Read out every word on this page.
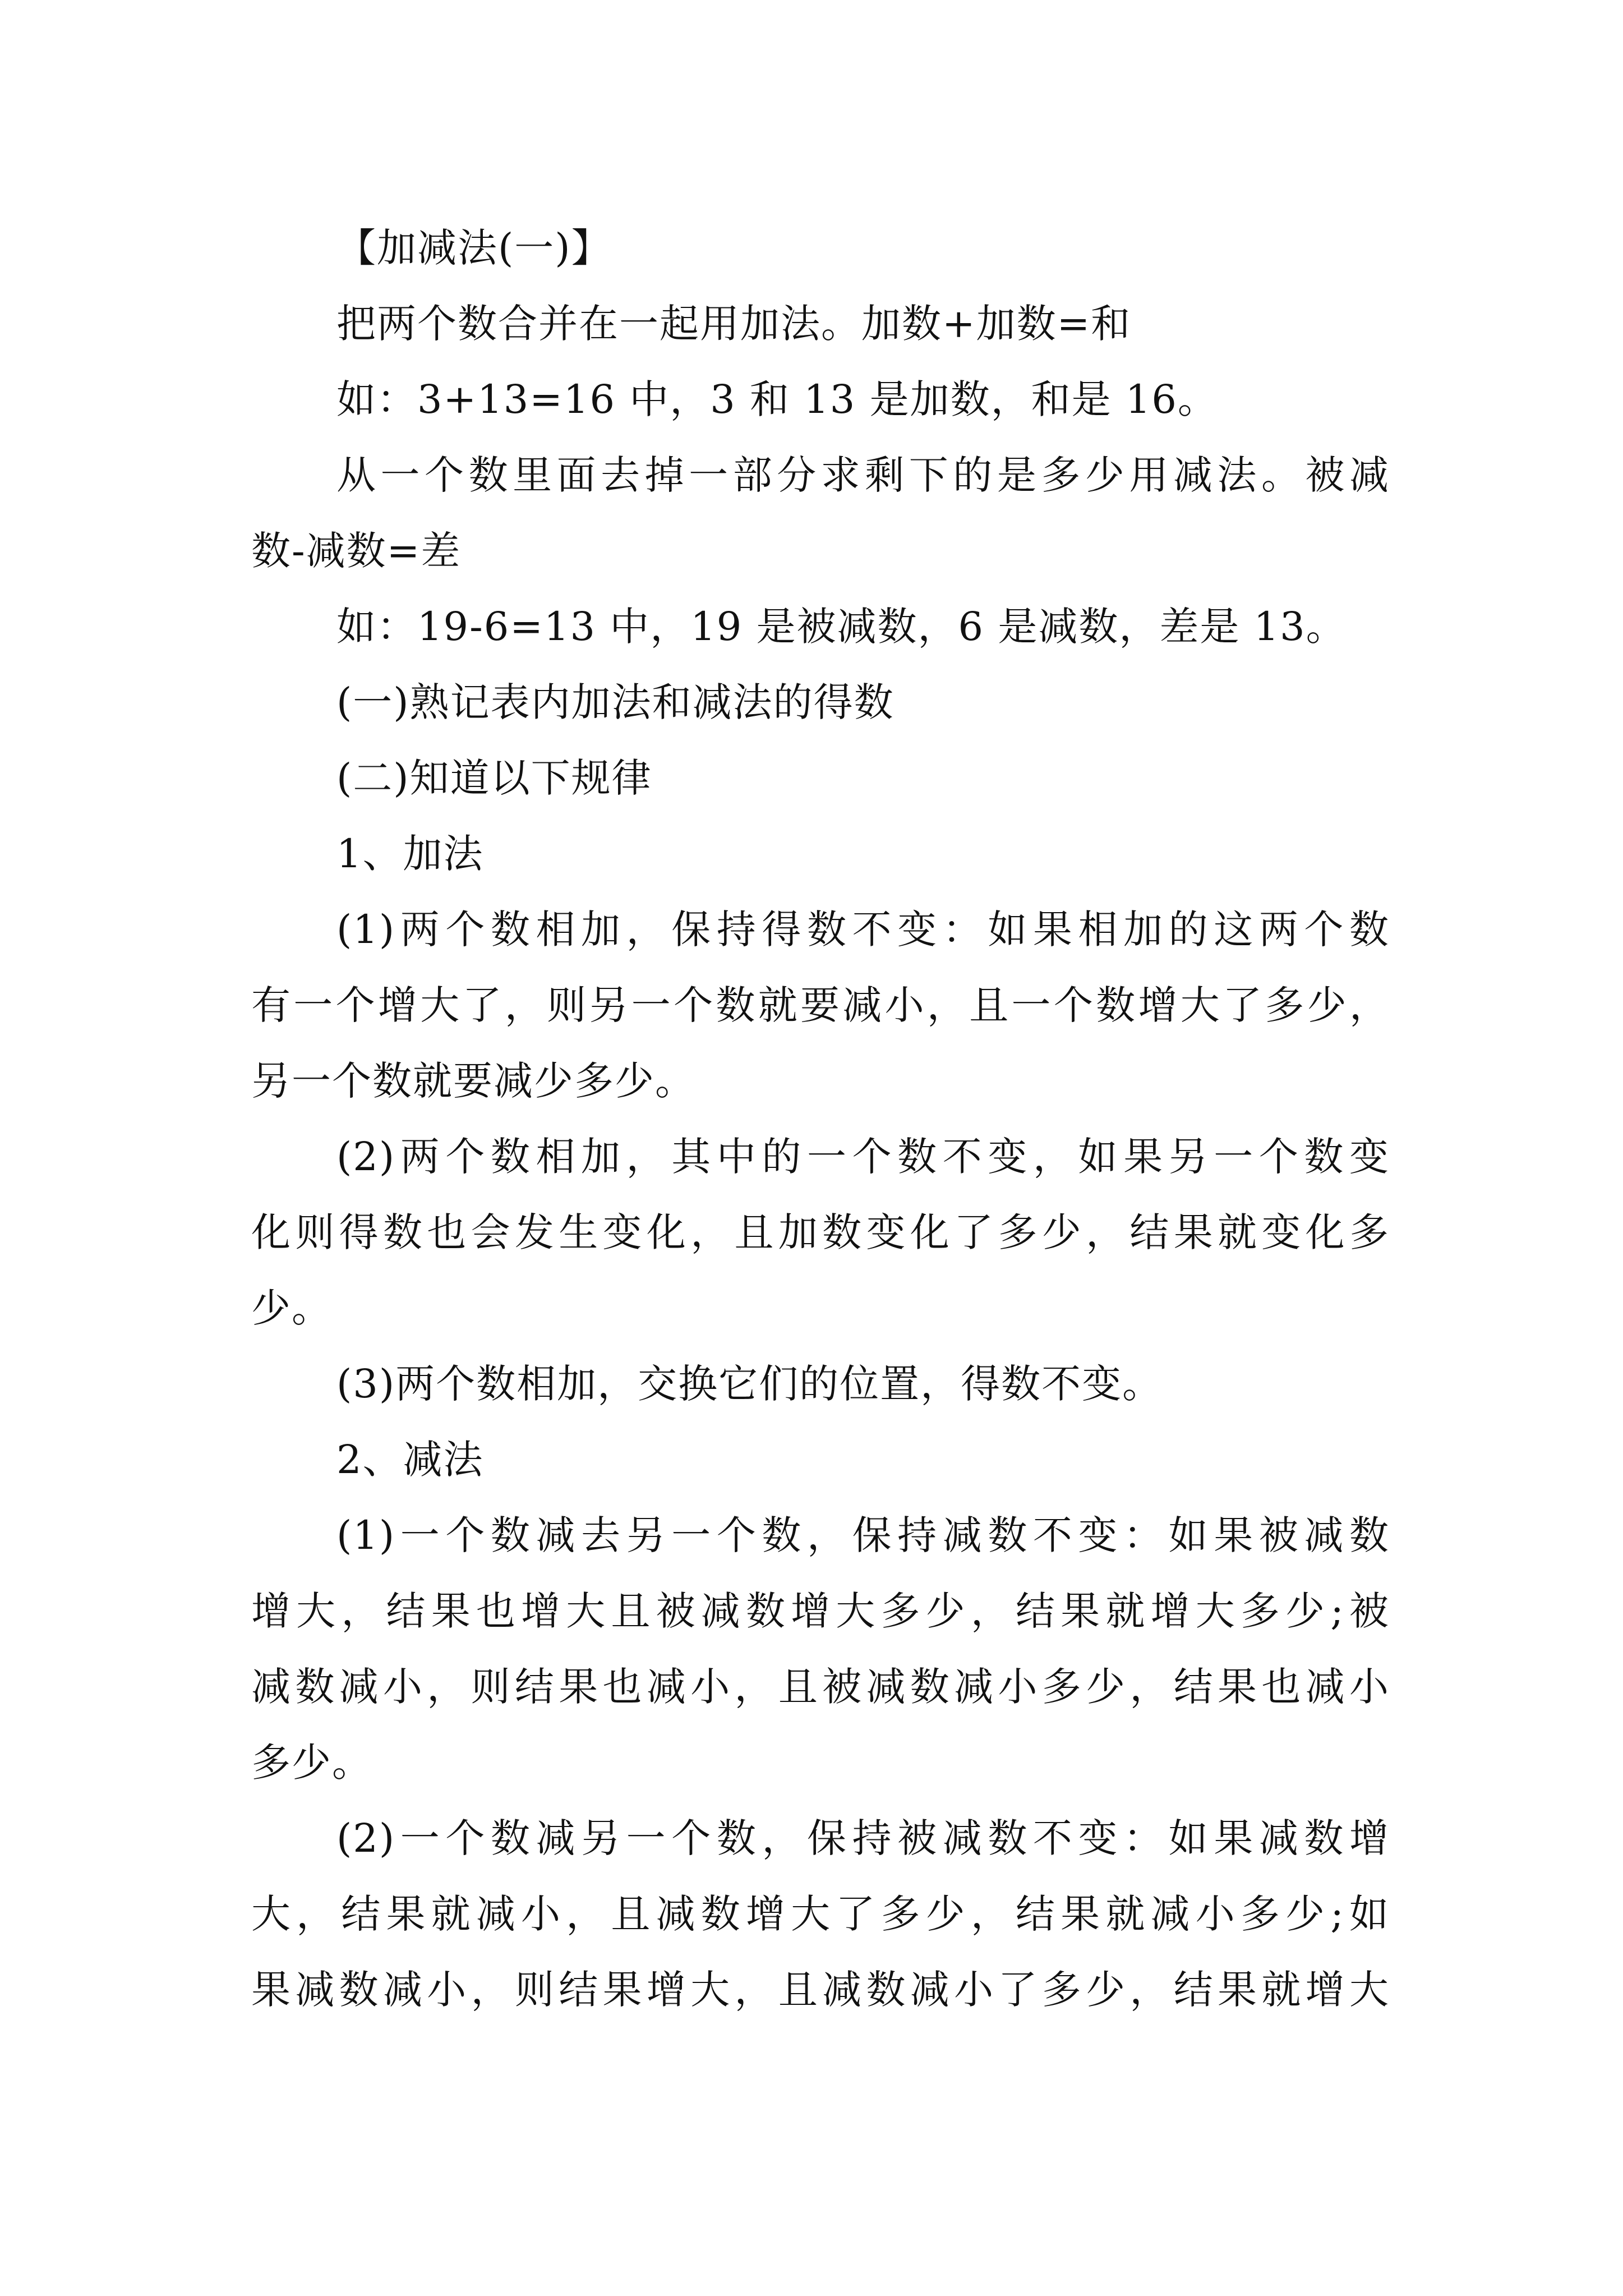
【加减法(一)】
把两个数合并在一起用加法。加数+加数=和
如：3+13=16 中，3 和 13 是加数，和是 16。
从一个数里面去掉一部分求剩下的是多少用减法。被减
数-减数=差
如：19-6=13 中，19 是被减数，6 是减数，差是 13。
(一)熟记表内加法和减法的得数
(二)知道以下规律
1、加法
(1)两个数相加，保持得数不变：如果相加的这两个数
有一个增大了，则另一个数就要减小，且一个数增大了多少，
另一个数就要减少多少。
(2)两个数相加，其中的一个数不变，如果另一个数变
化则得数也会发生变化，且加数变化了多少，结果就变化多
少。
(3)两个数相加，交换它们的位置，得数不变。
2、减法
(1)一个数减去另一个数，保持减数不变：如果被减数
增大，结果也增大且被减数增大多少，结果就增大多少;被
减数减小，则结果也减小，且被减数减小多少，结果也减小
多少。
(2)一个数减另一个数，保持被减数不变：如果减数增
大，结果就减小，且减数增大了多少，结果就减小多少;如
果减数减小，则结果增大，且减数减小了多少，结果就增大
